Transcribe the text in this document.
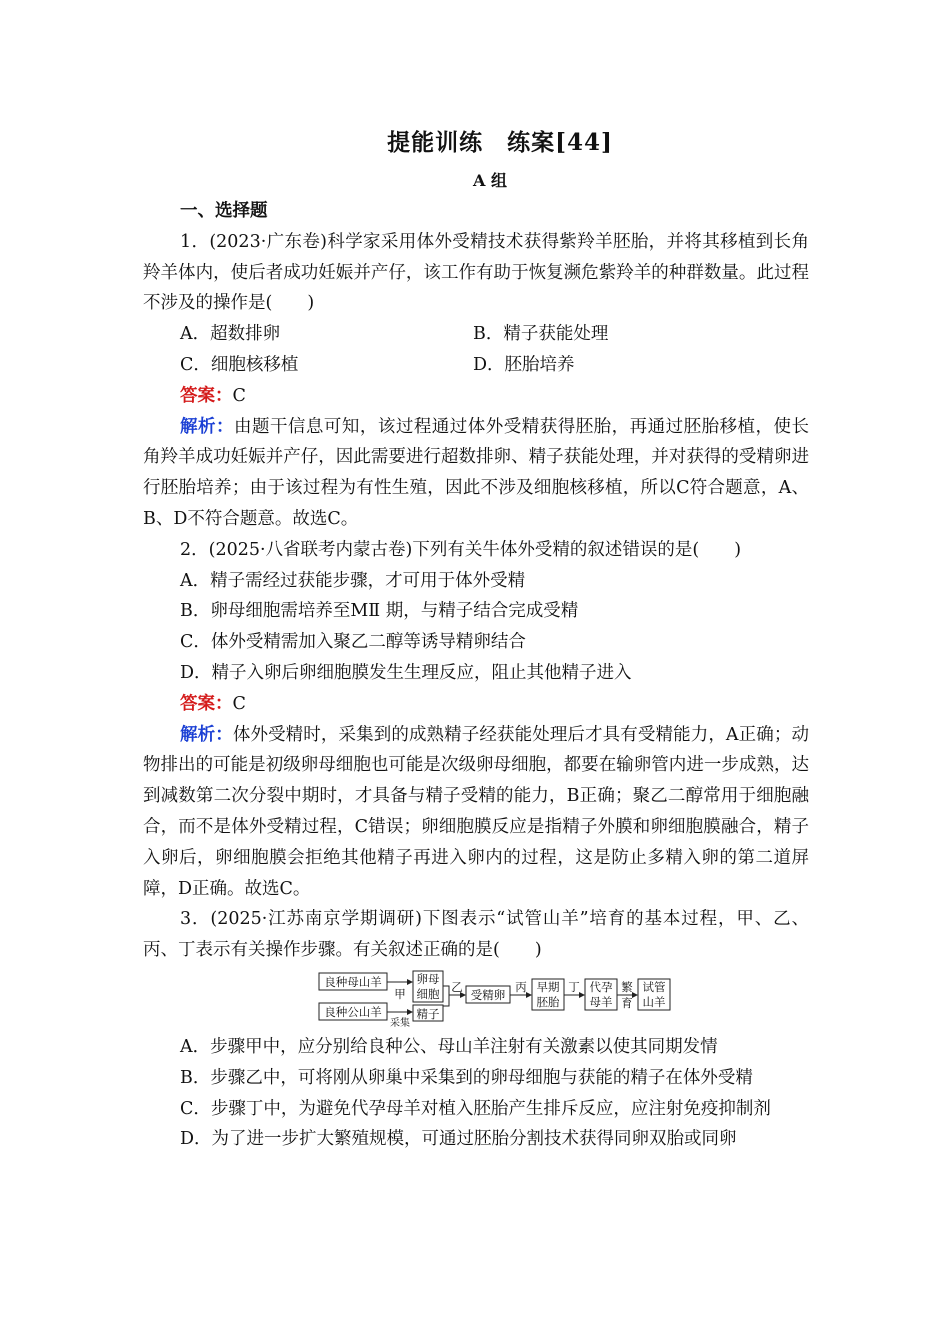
提能训练　练案[44]
A 组

一、选择题

1．(2023·广东卷)科学家采用体外受精技术获得紫羚羊胚胎，并将其移植到长角羚羊体内，使后者成功妊娠并产仔，该工作有助于恢复濒危紫羚羊的种群数量。此过程不涉及的操作是(　　)

A．超数排卵	B．精子获能处理
C．细胞核移植	D．胚胎培养

答案：C

解析：由题干信息可知，该过程通过体外受精获得胚胎，再通过胚胎移植，使长角羚羊成功妊娠并产仔，因此需要进行超数排卵、精子获能处理，并对获得的受精卵进行胚胎培养；由于该过程为有性生殖，因此不涉及细胞核移植，所以C符合题意，A、B、D不符合题意。故选C。

2．(2025·八省联考内蒙古卷)下列有关牛体外受精的叙述错误的是(　　)

A．精子需经过获能步骤，才可用于体外受精

B．卵母细胞需培养至MⅡ 期，与精子结合完成受精

C．体外受精需加入聚乙二醇等诱导精卵结合

D．精子入卵后卵细胞膜发生生理反应，阻止其他精子进入

答案：C

解析：体外受精时，采集到的成熟精子经获能处理后才具有受精能力，A正确；动物排出的可能是初级卵母细胞也可能是次级卵母细胞，都要在输卵管内进一步成熟，达到减数第二次分裂中期时，才具备与精子受精的能力，B正确；聚乙二醇常用于细胞融合，而不是体外受精过程，C错误；卵细胞膜反应是指精子外膜和卵细胞膜融合，精子入卵后，卵细胞膜会拒绝其他精子再进入卵内的过程，这是防止多精入卵的第二道屏障，D正确。故选C。

3．(2025·江苏南京学期调研)下图表示“试管山羊”培育的基本过程，甲、乙、丙、丁表示有关操作步骤。有关叙述正确的是(　　)

良种母山羊
良种公山羊
甲
采集
卵母
细胞
精子
乙
受精卵
丙 早期
胚胎
丁 代孕
母羊
繁
育
试管
山羊

A．步骤甲中，应分别给良种公、母山羊注射有关激素以使其同期发情

B．步骤乙中，可将刚从卵巢中采集到的卵母细胞与获能的精子在体外受精

C．步骤丁中，为避免代孕母羊对植入胚胎产生排斥反应，应注射免疫抑制剂

D．为了进一步扩大繁殖规模，可通过胚胎分割技术获得同卵双胎或同卵
